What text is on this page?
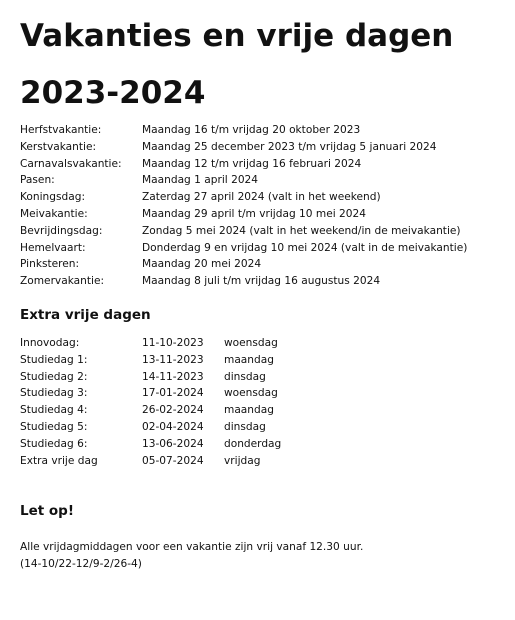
Vakanties en vrije dagen
2023-2024
Herfstvakantie:	Maandag 16 t/m vrijdag 20 oktober 2023
Kerstvakantie:	Maandag 25 december 2023 t/m vrijdag 5 januari 2024
Carnavalsvakantie: Maandag 12 t/m vrijdag 16 februari 2024
Pasen:	Maandag 1 april 2024
Koningsdag:	Zaterdag 27 april 2024 (valt in het weekend)
Meivakantie:	Maandag 29 april t/m vrijdag 10 mei 2024
Bevrijdingsdag:	Zondag 5 mei 2024 (valt in het weekend/in de meivakantie)
Hemelvaart:	Donderdag 9 en vrijdag 10 mei 2024 (valt in de meivakantie)
Pinksteren:	Maandag 20 mei 2024
Zomervakantie:	Maandag 8 juli t/m vrijdag 16 augustus 2024
Extra vrije dagen
Innovodag:	11-10-2023 woensdag
Studiedag 1:	13-11-2023 maandag
Studiedag 2:	14-11-2023 dinsdag
Studiedag 3:	17-01-2024 woensdag
Studiedag 4:	26-02-2024 maandag
Studiedag 5:	02-04-2024 dinsdag
Studiedag 6:	13-06-2024 donderdag
Extra vrije dag	05-07-2024 vrijdag
Let op!
Alle vrijdagmiddagen voor een vakantie zijn vrij vanaf 12.30 uur.
(14-10/22-12/9-2/26-4)
